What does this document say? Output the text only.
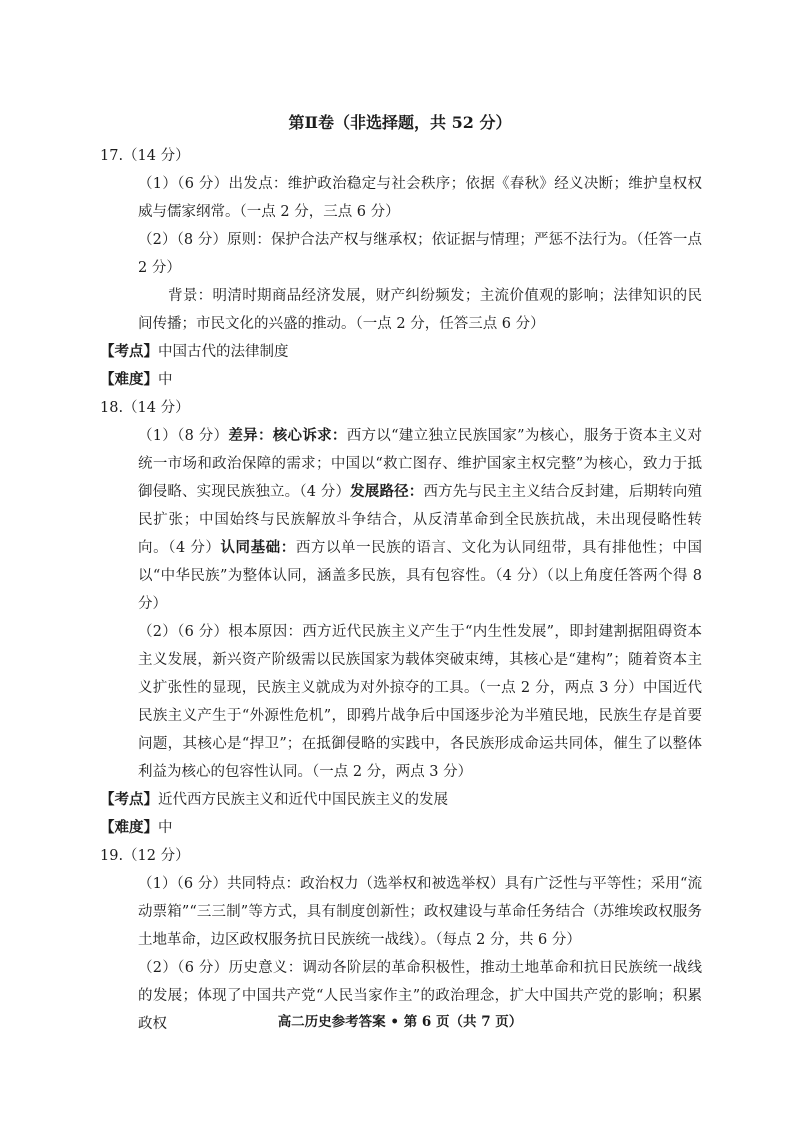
第Ⅱ卷（非选择题，共 52 分）

17.（14 分）

（1）（6 分）出发点：维护政治稳定与社会秩序；依据《春秋》经义决断；维护皇权权威与儒家纲常。（一点 2 分，三点 6 分）

（2）（8 分）原则：保护合法产权与继承权；依证据与情理；严惩不法行为。（任答一点 2 分）

背景：明清时期商品经济发展，财产纠纷频发；主流价值观的影响；法律知识的民间传播；市民文化的兴盛的推动。（一点 2 分，任答三点 6 分）

【考点】中国古代的法律制度

【难度】中

18.（14 分）

（1）（8 分）差异：核心诉求：西方以“建立独立民族国家”为核心，服务于资本主义对统一市场和政治保障的需求；中国以“救亡图存、维护国家主权完整”为核心，致力于抵御侵略、实现民族独立。（4 分）发展路径：西方先与民主主义结合反封建，后期转向殖民扩张；中国始终与民族解放斗争结合，从反清革命到全民族抗战，未出现侵略性转向。（4 分）认同基础：西方以单一民族的语言、文化为认同纽带，具有排他性；中国以“中华民族”为整体认同，涵盖多民族，具有包容性。（4 分）（以上角度任答两个得 8 分）

（2）（6 分）根本原因：西方近代民族主义产生于“内生性发展”，即封建割据阻碍资本主义发展，新兴资产阶级需以民族国家为载体突破束缚，其核心是“建构”；随着资本主义扩张性的显现，民族主义就成为对外掠夺的工具。（一点 2 分，两点 3 分）中国近代民族主义产生于“外源性危机”，即鸦片战争后中国逐步沦为半殖民地，民族生存是首要问题，其核心是“捍卫”；在抵御侵略的实践中，各民族形成命运共同体，催生了以整体利益为核心的包容性认同。（一点 2 分，两点 3 分）

【考点】近代西方民族主义和近代中国民族主义的发展

【难度】中

19.（12 分）

（1）（6 分）共同特点：政治权力（选举权和被选举权）具有广泛性与平等性；采用“流动票箱”“三三制”等方式，具有制度创新性；政权建设与革命任务结合（苏维埃政权服务土地革命，边区政权服务抗日民族统一战线）。（每点 2 分，共 6 分）

（2）（6 分）历史意义：调动各阶层的革命积极性，推动土地革命和抗日民族统一战线的发展；体现了中国共产党“人民当家作主”的政治理念，扩大中国共产党的影响；积累政权	高二历史参考答案 • 第 6 页（共 7 页）
